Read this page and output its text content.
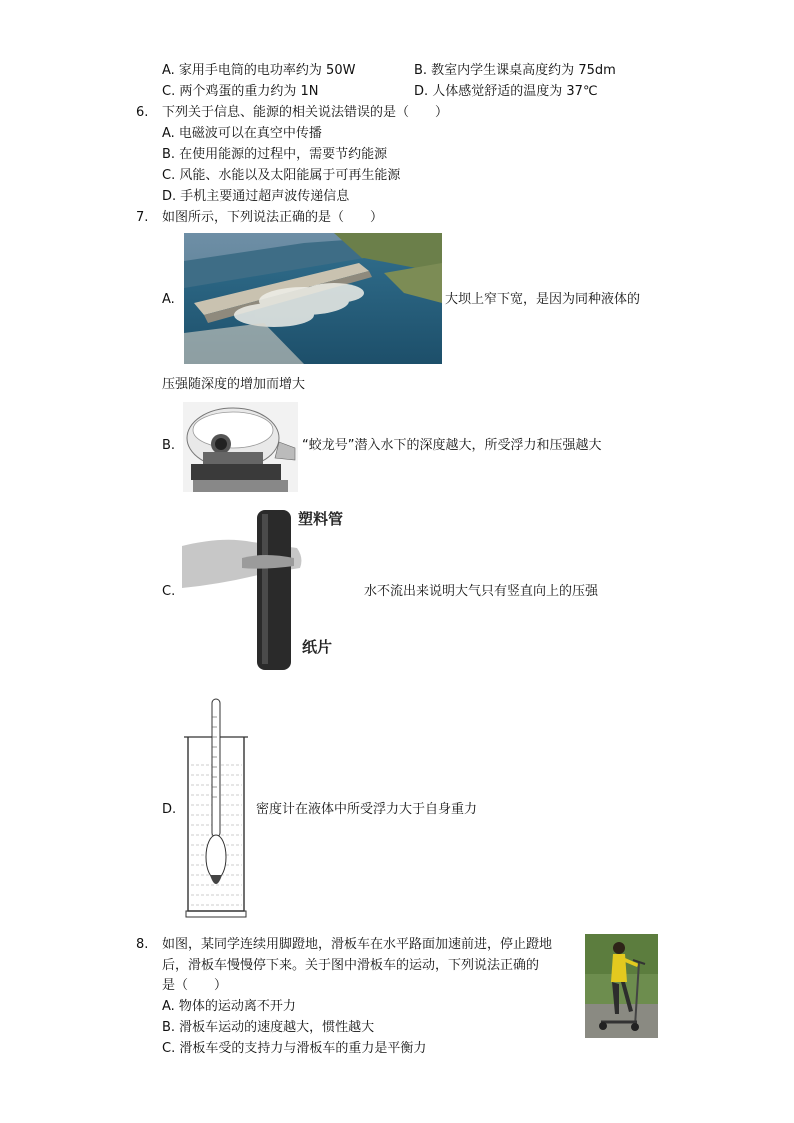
A. 家用手电筒的电功率约为 50W	B. 教室内学生课桌高度约为 75dm
C. 两个鸡蛋的重力约为 1N	D. 人体感觉舒适的温度为 37℃
6.	下列关于信息、能源的相关说法错误的是（　　）
A. 电磁波可以在真空中传播
B. 在使用能源的过程中，需要节约能源
C. 风能、水能以及太阳能属于可再生能源
D. 手机主要通过超声波传递信息
7.	如图所示，下列说法正确的是（　　）
A.	大坝上窄下宽，是因为同种液体的
压强随深度的增加而增大
B.	“蛟龙号”潜入水下的深度越大，所受浮力和压强越大
C.
塑料管
纸片
水不流出来说明大气只有竖直向上的压强
D.	密度计在液体中所受浮力大于自身重力
8.	如图，某同学连续用脚蹬地，滑板车在水平路面加速前进，停止蹬地
后，滑板车慢慢停下来。关于图中滑板车的运动，下列说法正确的
是（　　）
A. 物体的运动离不开力
B. 滑板车运动的速度越大，惯性越大
C. 滑板车受的支持力与滑板车的重力是平衡力
